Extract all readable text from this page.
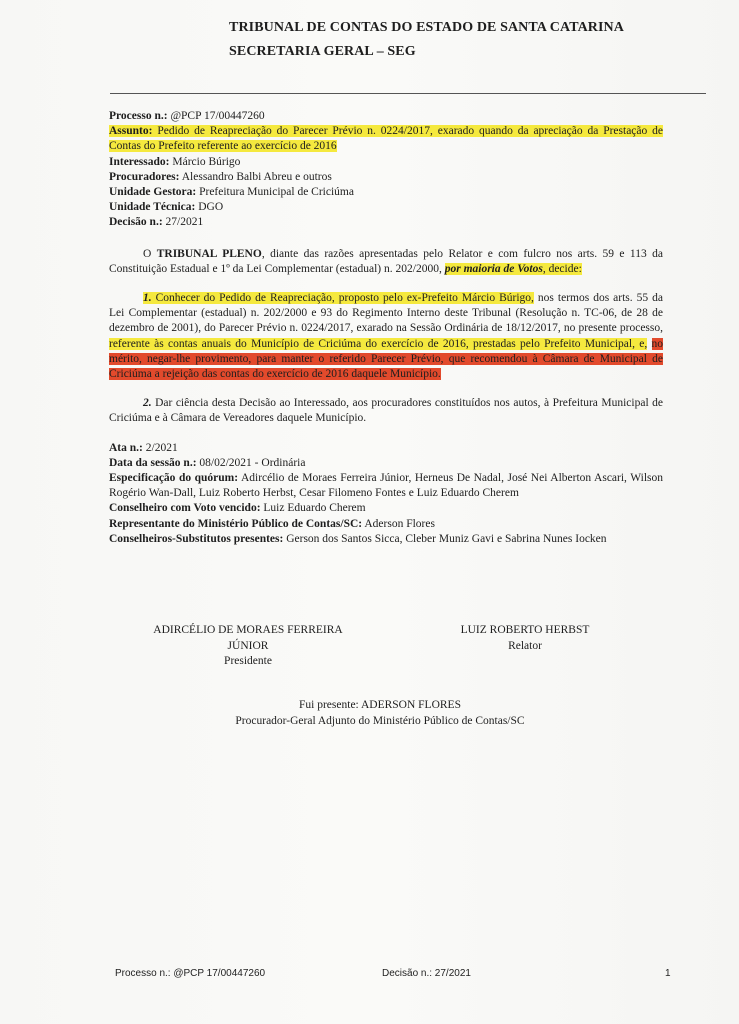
TRIBUNAL DE CONTAS DO ESTADO DE SANTA CATARINA
SECRETARIA GERAL – SEG
Processo n.: @PCP 17/00447260
Assunto: Pedido de Reapreciação do Parecer Prévio n. 0224/2017, exarado quando da apreciação da Prestação de Contas do Prefeito referente ao exercício de 2016
Interessado: Márcio Búrigo
Procuradores: Alessandro Balbi Abreu e outros
Unidade Gestora: Prefeitura Municipal de Criciúma
Unidade Técnica: DGO
Decisão n.: 27/2021

O TRIBUNAL PLENO, diante das razões apresentadas pelo Relator e com fulcro nos arts. 59 e 113 da Constituição Estadual e 1º da Lei Complementar (estadual) n. 202/2000, por maioria de Votos, decide:

1. Conhecer do Pedido de Reapreciação, proposto pelo ex-Prefeito Márcio Búrigo, nos termos dos arts. 55 da Lei Complementar (estadual) n. 202/2000 e 93 do Regimento Interno deste Tribunal (Resolução n. TC-06, de 28 de dezembro de 2001), do Parecer Prévio n. 0224/2017, exarado na Sessão Ordinária de 18/12/2017, no presente processo, referente às contas anuais do Município de Criciúma do exercício de 2016, prestadas pelo Prefeito Municipal, e, no mérito, negar-lhe provimento, para manter o referido Parecer Prévio, que recomendou à Câmara de Municipal de Criciúma a rejeição das contas do exercício de 2016 daquele Município.

2. Dar ciência desta Decisão ao Interessado, aos procuradores constituídos nos autos, à Prefeitura Municipal de Criciúma e à Câmara de Vereadores daquele Município.

Ata n.: 2/2021
Data da sessão n.: 08/02/2021 - Ordinária
Especificação do quórum: Adircélio de Moraes Ferreira Júnior, Herneus De Nadal, José Nei Alberton Ascari, Wilson Rogério Wan-Dall, Luiz Roberto Herbst, Cesar Filomeno Fontes e Luiz Eduardo Cherem
Conselheiro com Voto vencido: Luiz Eduardo Cherem
Representante do Ministério Público de Contas/SC: Aderson Flores
Conselheiros-Substitutos presentes: Gerson dos Santos Sicca, Cleber Muniz Gavi e Sabrina Nunes Iocken
ADIRCÉLIO DE MORAES FERREIRA
JÚNIOR
Presidente
LUIZ ROBERTO HERBST
Relator
Fui presente: ADERSON FLORES
Procurador-Geral Adjunto do Ministério Público de Contas/SC
Processo n.: @PCP 17/00447260	Decisão n.: 27/2021	1
